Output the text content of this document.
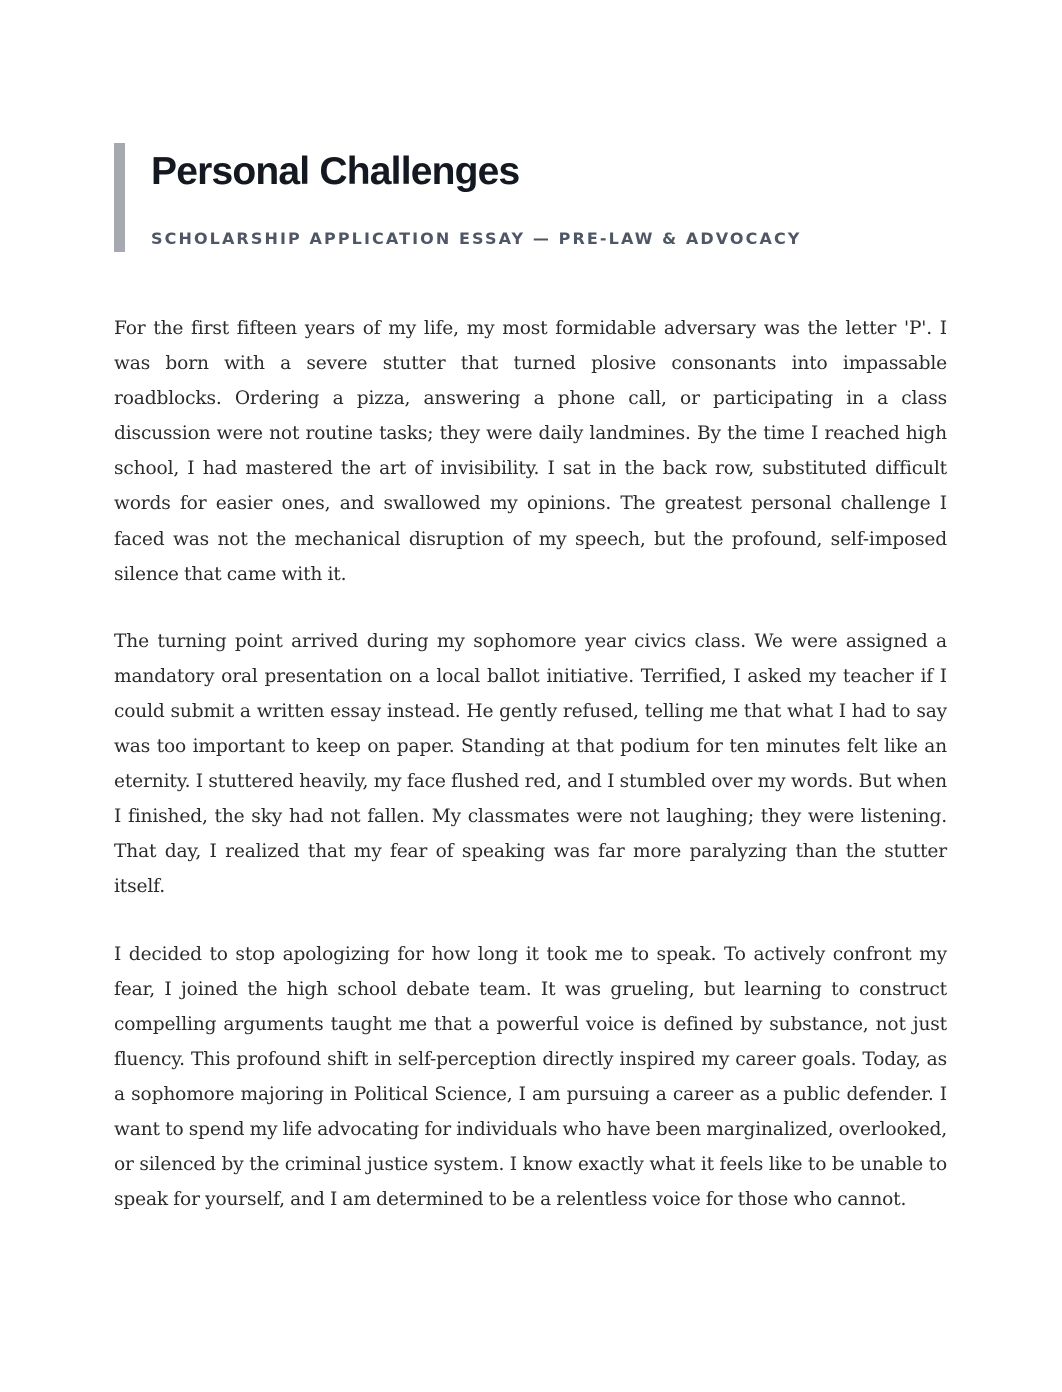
Personal Challenges
SCHOLARSHIP APPLICATION ESSAY — PRE-LAW & ADVOCACY

For the first fifteen years of my life, my most formidable adversary was the letter 'P'. I was born with a severe stutter that turned plosive consonants into impassable roadblocks. Ordering a pizza, answering a phone call, or participating in a class discussion were not routine tasks; they were daily landmines. By the time I reached high school, I had mastered the art of invisibility. I sat in the back row, substituted difficult words for easier ones, and swallowed my opinions. The greatest personal challenge I faced was not the mechanical disruption of my speech, but the profound, self-imposed silence that came with it.

The turning point arrived during my sophomore year civics class. We were assigned a mandatory oral presentation on a local ballot initiative. Terrified, I asked my teacher if I could submit a written essay instead. He gently refused, telling me that what I had to say was too important to keep on paper. Standing at that podium for ten minutes felt like an eternity. I stuttered heavily, my face flushed red, and I stumbled over my words. But when I finished, the sky had not fallen. My classmates were not laughing; they were listening. That day, I realized that my fear of speaking was far more paralyzing than the stutter itself.

I decided to stop apologizing for how long it took me to speak. To actively confront my fear, I joined the high school debate team. It was grueling, but learning to construct compelling arguments taught me that a powerful voice is defined by substance, not just fluency. This profound shift in self-perception directly inspired my career goals. Today, as a sophomore majoring in Political Science, I am pursuing a career as a public defender. I want to spend my life advocating for individuals who have been marginalized, overlooked, or silenced by the criminal justice system. I know exactly what it feels like to be unable to speak for yourself, and I am determined to be a relentless voice for those who cannot.
